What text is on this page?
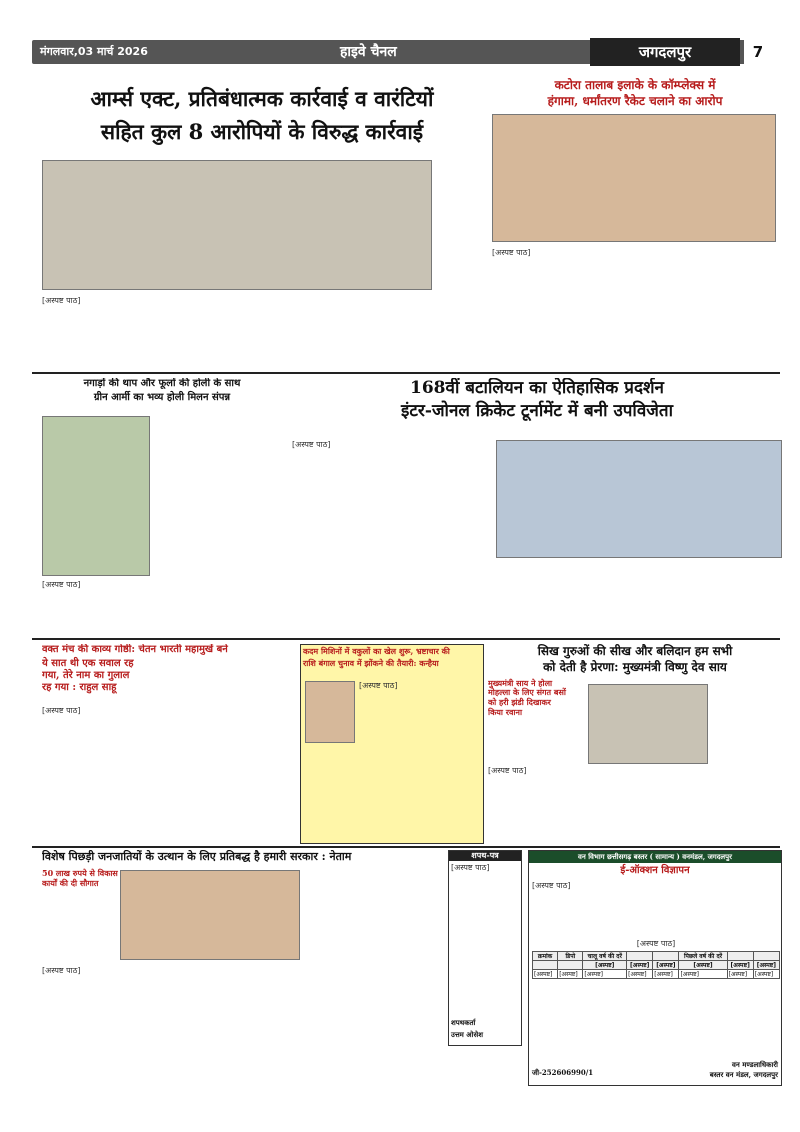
मंगलवार,03 मार्च 2026	हाइवे चैनल	जगदलपुर	7
आर्म्स एक्ट, प्रतिबंधात्मक कार्रवाई व वारंटियों
सहित कुल 8 आरोपियों के विरुद्ध कार्रवाई
[अस्पष्ट पाठ]
कटोरा तालाब इलाके के कॉम्प्लेक्स में
हंगामा, धर्मांतरण रैकेट चलाने का आरोप
[अस्पष्ट पाठ]
नगाड़ों की थाप और फूलों की होली के साथ
ग्रीन आर्मी का भव्य होली मिलन संपन्न
[अस्पष्ट पाठ]
168वीं बटालियन का ऐतिहासिक प्रदर्शन
इंटर-जोनल क्रिकेट टूर्नामेंट में बनी उपविजेता
[अस्पष्ट पाठ]
वक्त मंच की काव्य गोष्ठी: चेतन भारती महामुखें बने
ये सात थी एक सवाल रह
गया, तेरे नाम का गुलाल
रह गया : राहुल साहू
[अस्पष्ट पाठ]
कदम मिशिनों में वकुलों का खेल शुरू, भ्रष्टाचार की
राशि बंगाल चुनाव में झोंकने की तैयारी: कन्हैया
[अस्पष्ट पाठ]
सिख गुरुओं की सीख और बलिदान हम सभी
को देती है प्रेरणा: मुख्यमंत्री विष्णु देव साय
मुख्यमंत्री साय ने होला
मोहल्ला के लिए संगत बसों
को हरी झंडी दिखाकर
किया रवाना
[अस्पष्ट पाठ]
विशेष पिछड़ी जनजातियों के उत्थान के लिए प्रतिबद्ध है हमारी सरकार : नेताम
50 लाख रुपये से विकास
कार्यों की दी सौगात
[अस्पष्ट पाठ]
शपथ-पत्र
[अस्पष्ट पाठ]
शपथकर्ता
उत्तम ओसेश
वन विभाग छत्तीसगढ़ बस्तर ( सामान्य ) वनमंडल, जगदलपुर
ई-ऑक्शन विज्ञापन
[अस्पष्ट पाठ]
[अस्पष्ट पाठ]
क्रमांक	डिपो	चालू वर्ष की दरें			पिछले वर्ष की दरें		
		[अस्पष्ट]	[अस्पष्ट]	[अस्पष्ट]	[अस्पष्ट]	[अस्पष्ट]	[अस्पष्ट]
[अस्पष्ट]	[अस्पष्ट]	[अस्पष्ट]	[अस्पष्ट]	[अस्पष्ट]	[अस्पष्ट]	[अस्पष्ट]	[अस्पष्ट]
जी-252606990/1
वन मण्डलाधिकारी
बस्तर वन मंडल, जगदलपुर
